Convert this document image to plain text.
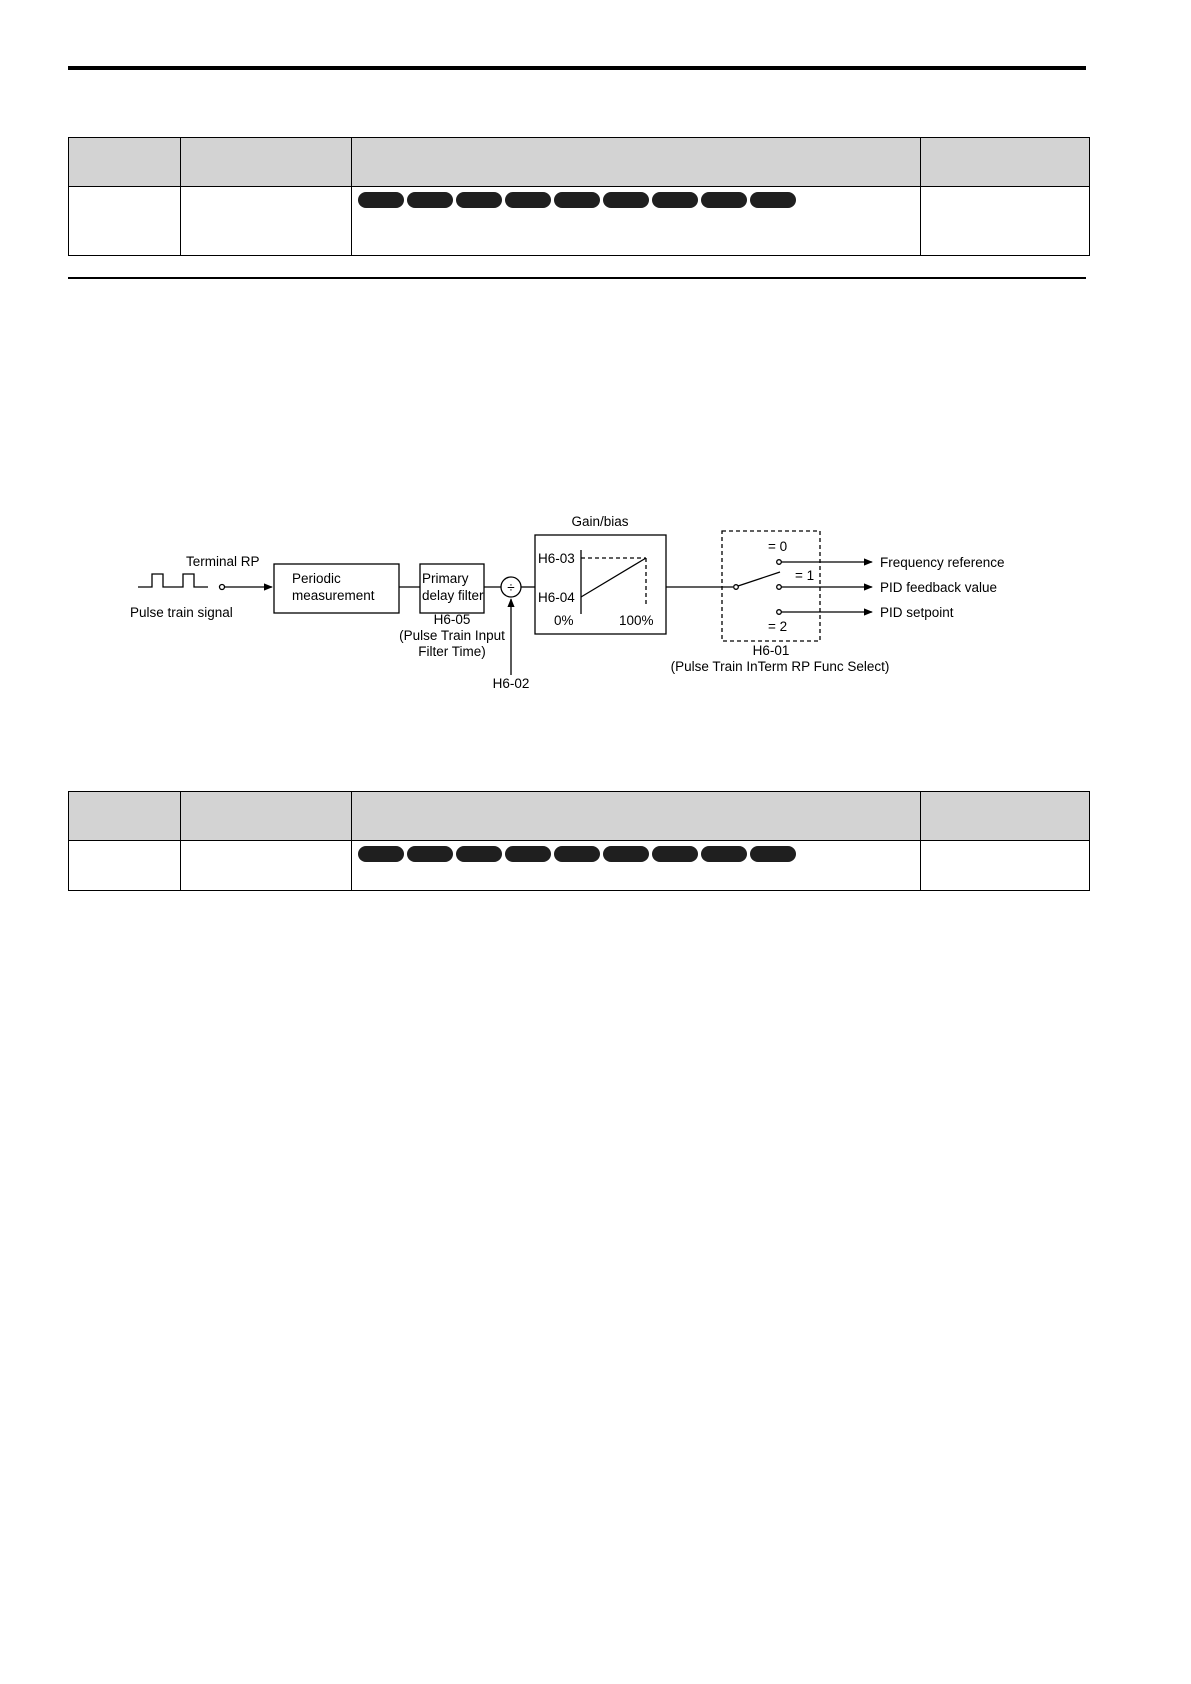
Terminal RP
Pulse train signal
Periodic
measurement
Primary
delay filter
H6-05
(Pulse Train Input
Filter Time)
÷
H6-02
Gain/bias
H6-03
H6-04
0%	100%
= 0
= 1
= 2
Frequency reference
PID feedback value
PID setpoint
H6-01
(Pulse Train InTerm RP Func Select)
